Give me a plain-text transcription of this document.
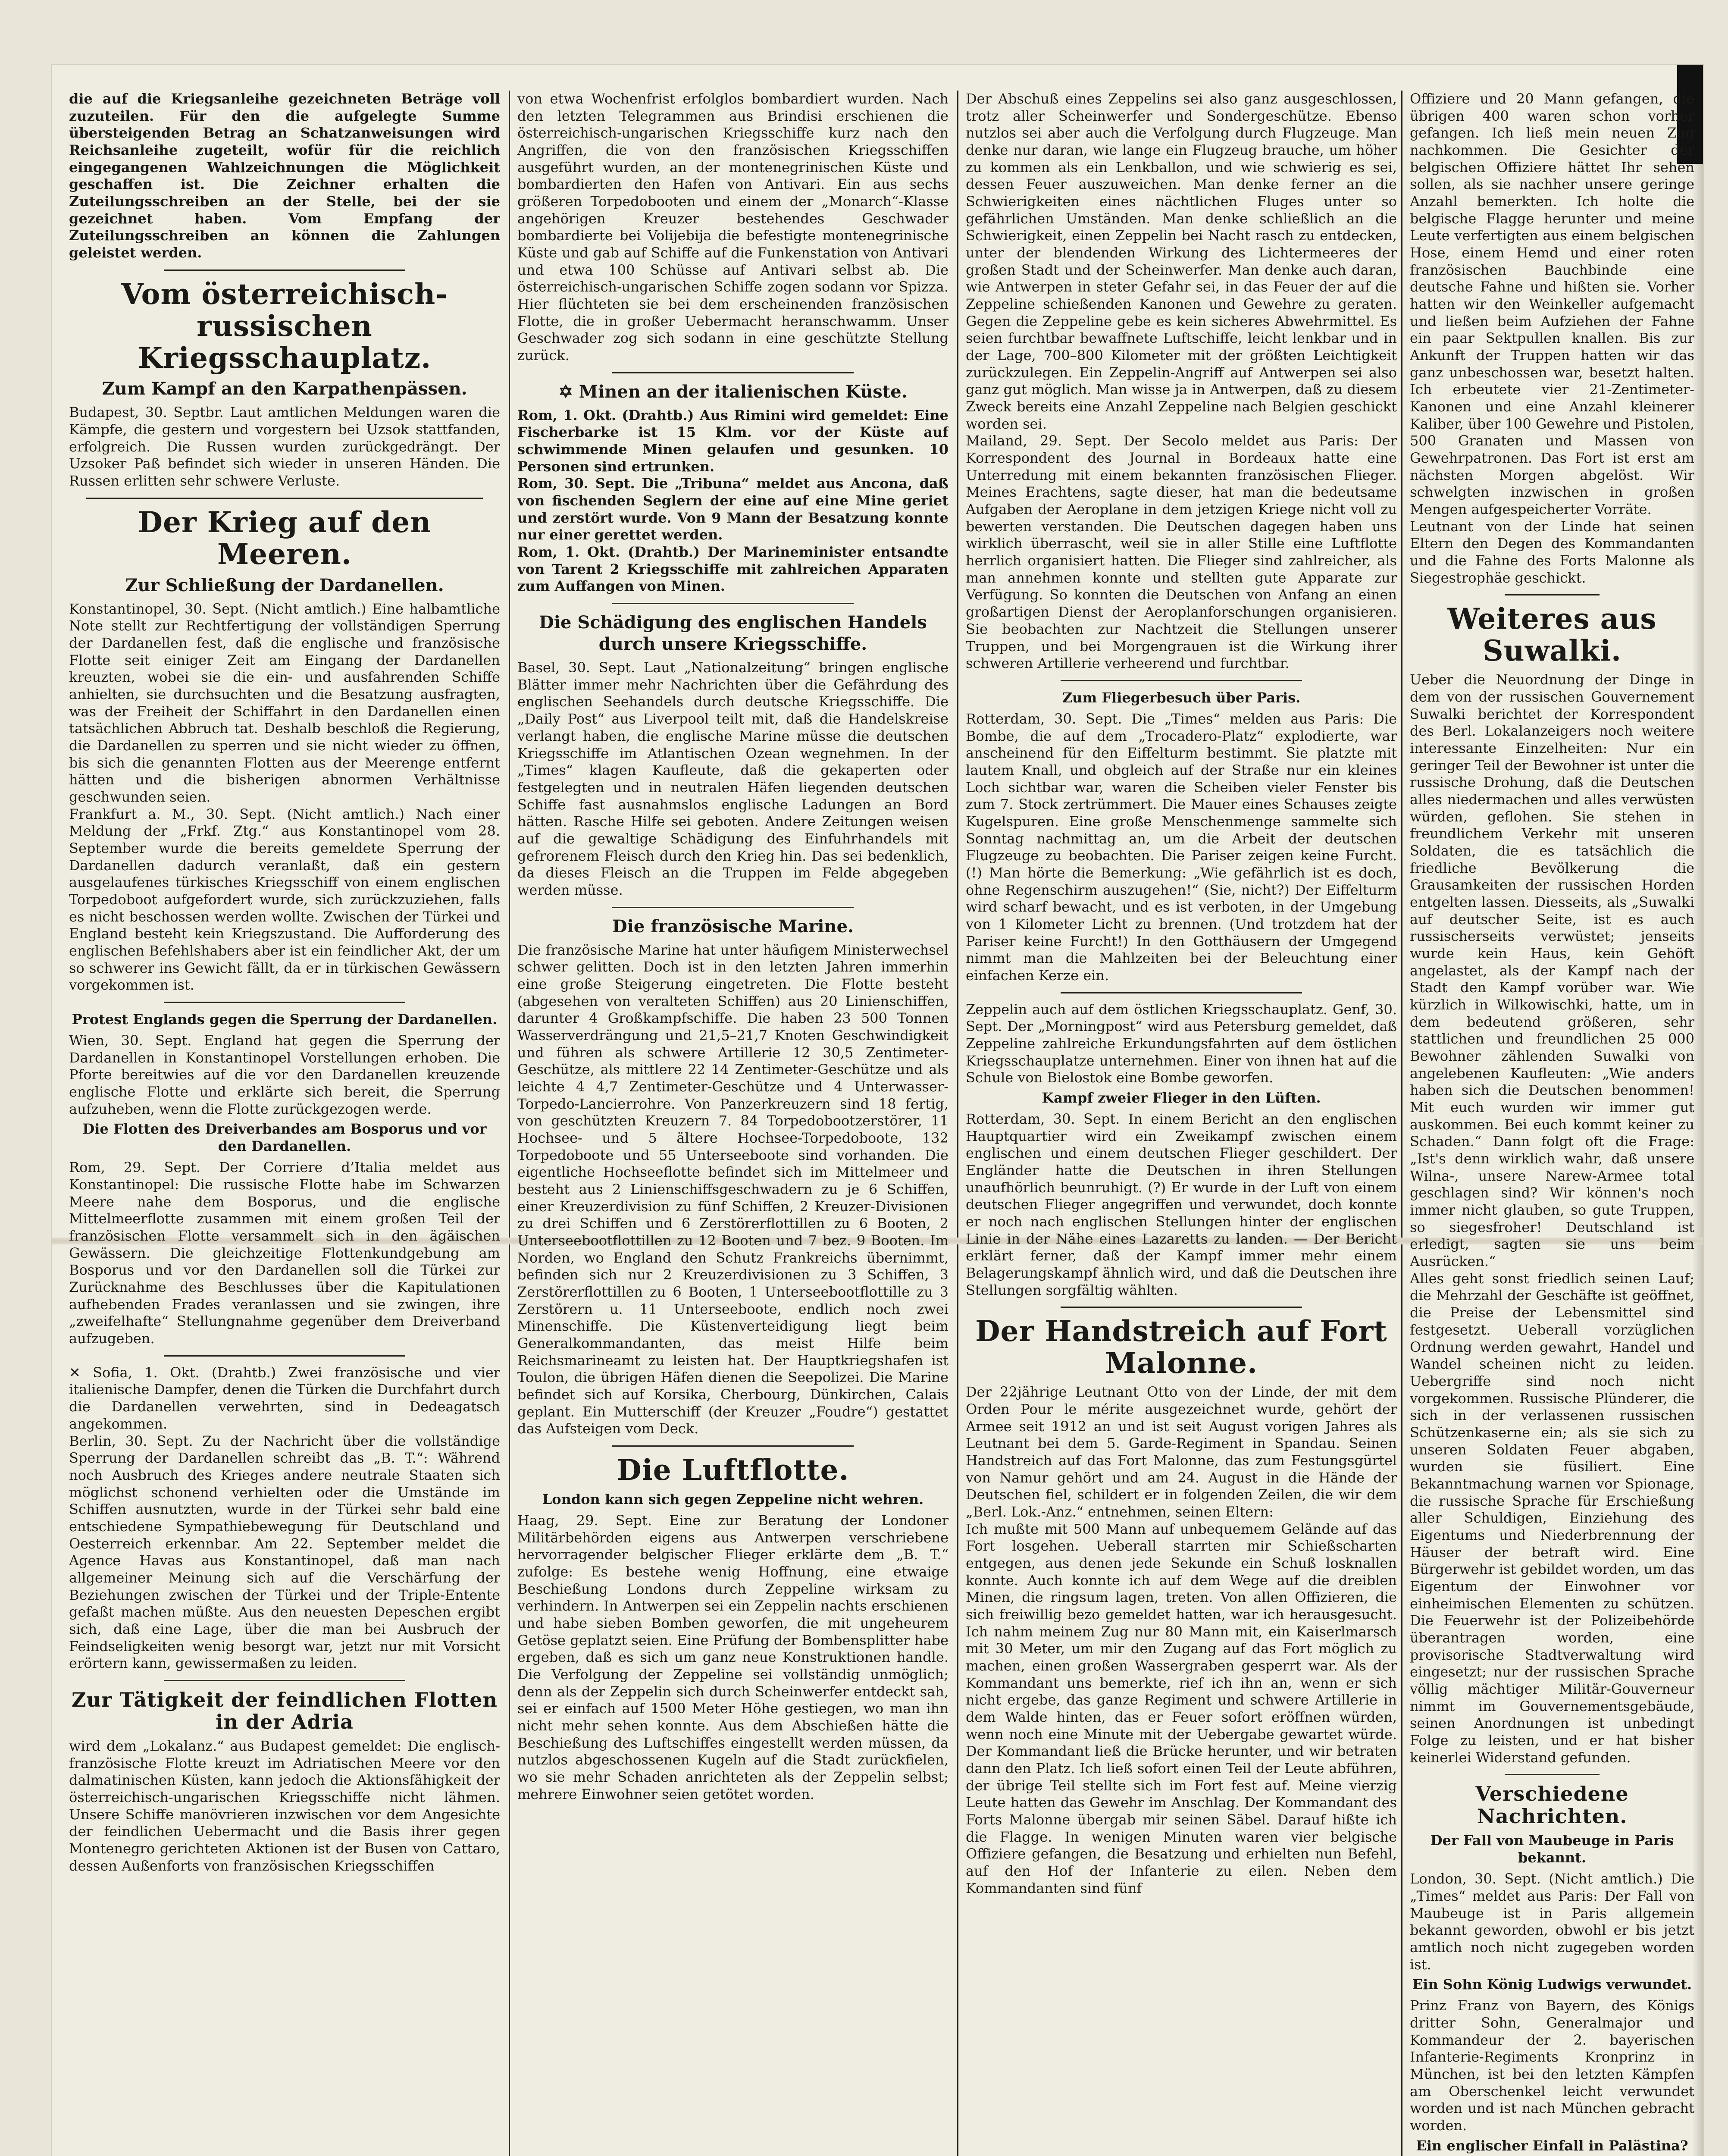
die auf die Kriegsanleihe gezeichneten Beträge voll zuzuteilen. Für den die aufgelegte Summe übersteigenden Betrag an Schatzanweisungen wird Reichsanleihe zugeteilt, wofür für die reichlich eingegangenen Wahlzeichnungen die Möglichkeit geschaffen ist. Die Zeichner erhalten die Zuteilungsschreiben an der Stelle, bei der sie gezeichnet haben. Vom Empfang der Zuteilungsschreiben an können die Zahlungen geleistet werden.

Vom österreichisch-russischen Kriegsschauplatz.
Zum Kampf an den Karpathenpässen.

Budapest, 30. Septbr. Laut amtlichen Meldungen waren die Kämpfe, die gestern und vorgestern bei Uzsok stattfanden, erfolgreich. Die Russen wurden zurückgedrängt. Der Uzsoker Paß befindet sich wieder in unseren Händen. Die Russen erlitten sehr schwere Verluste.

Der Krieg auf den Meeren.
Zur Schließung der Dardanellen.

Konstantinopel, 30. Sept. (Nicht amtlich.) Eine halbamtliche Note stellt zur Rechtfertigung der vollständigen Sperrung der Dardanellen fest, daß die englische und französische Flotte seit einiger Zeit am Eingang der Dardanellen kreuzten, wobei sie die ein- und ausfahrenden Schiffe anhielten, sie durchsuchten und die Besatzung ausfragten, was der Freiheit der Schiffahrt in den Dardanellen einen tatsächlichen Abbruch tat. Deshalb beschloß die Regierung, die Dardanellen zu sperren und sie nicht wieder zu öffnen, bis sich die genannten Flotten aus der Meerenge entfernt hätten und die bisherigen abnormen Verhältnisse geschwunden seien.

Frankfurt a. M., 30. Sept. (Nicht amtlich.) Nach einer Meldung der „Frkf. Ztg.“ aus Konstantinopel vom 28. September wurde die bereits gemeldete Sperrung der Dardanellen dadurch veranlaßt, daß ein gestern ausgelaufenes türkisches Kriegsschiff von einem englischen Torpedoboot aufgefordert wurde, sich zurückzuziehen, falls es nicht beschossen werden wollte. Zwischen der Türkei und England besteht kein Kriegszustand. Die Aufforderung des englischen Befehlshabers aber ist ein feindlicher Akt, der um so schwerer ins Gewicht fällt, da er in türkischen Gewässern vorgekommen ist.

Protest Englands gegen die Sperrung der Dardanellen.

Wien, 30. Sept. England hat gegen die Sperrung der Dardanellen in Konstantinopel Vorstellungen erhoben. Die Pforte bereitwies auf die vor den Dardanellen kreuzende englische Flotte und erklärte sich bereit, die Sperrung aufzuheben, wenn die Flotte zurückgezogen werde.

Die Flotten des Dreiverbandes am Bosporus und vor den Dardanellen.

Rom, 29. Sept. Der Corriere d’Italia meldet aus Konstantinopel: Die russische Flotte habe im Schwarzen Meere nahe dem Bosporus, und die englische Mittelmeerflotte zusammen mit einem großen Teil der französischen Flotte versammelt sich in den ägäischen Gewässern. Die gleichzeitige Flottenkundgebung am Bosporus und vor den Dardanellen soll die Türkei zur Zurücknahme des Beschlusses über die Kapitulationen aufhebenden Frades veranlassen und sie zwingen, ihre „zweifelhafte“ Stellungnahme gegenüber dem Dreiverband aufzugeben.

✕ Sofia, 1. Okt. (Drahtb.) Zwei französische und vier italienische Dampfer, denen die Türken die Durchfahrt durch die Dardanellen verwehrten, sind in Dedeagatsch angekommen.

Berlin, 30. Sept. Zu der Nachricht über die vollständige Sperrung der Dardanellen schreibt das „B. T.“: Während noch Ausbruch des Krieges andere neutrale Staaten sich möglichst schonend verhielten oder die Umstände im Schiffen ausnutzten, wurde in der Türkei sehr bald eine entschiedene Sympathiebewegung für Deutschland und Oesterreich erkennbar. Am 22. September meldet die Agence Havas aus Konstantinopel, daß man nach allgemeiner Meinung sich auf die Verschärfung der Beziehungen zwischen der Türkei und der Triple-Entente gefaßt machen müßte. Aus den neuesten Depeschen ergibt sich, daß eine Lage, über die man bei Ausbruch der Feindseligkeiten wenig besorgt war, jetzt nur mit Vorsicht erörtern kann, gewissermaßen zu leiden.

Zur Tätigkeit der feindlichen Flotten in der Adria

wird dem „Lokalanz.“ aus Budapest gemeldet: Die englisch-französische Flotte kreuzt im Adriatischen Meere vor den dalmatinischen Küsten, kann jedoch die Aktionsfähigkeit der österreichisch-ungarischen Kriegsschiffe nicht lähmen. Unsere Schiffe manövrieren inzwischen vor dem Angesichte der feindlichen Uebermacht und die Basis ihrer gegen Montenegro gerichteten Aktionen ist der Busen von Cattaro, dessen Außenforts von französischen Kriegsschiffen

von etwa Wochenfrist erfolglos bombardiert wurden. Nach den letzten Telegrammen aus Brindisi erschienen die österreichisch-ungarischen Kriegsschiffe kurz nach den Angriffen, die von den französischen Kriegsschiffen ausgeführt wurden, an der montenegrinischen Küste und bombardierten den Hafen von Antivari. Ein aus sechs größeren Torpedobooten und einem der „Monarch“-Klasse angehörigen Kreuzer bestehendes Geschwader bombardierte bei Volijebija die befestigte montenegrinische Küste und gab auf Schiffe auf die Funkenstation von Antivari und etwa 100 Schüsse auf Antivari selbst ab. Die österreichisch-ungarischen Schiffe zogen sodann vor Spizza. Hier flüchteten sie bei dem erscheinenden französischen Flotte, die in großer Uebermacht heranschwamm. Unser Geschwader zog sich sodann in eine geschützte Stellung zurück.

✡ Minen an der italienischen Küste.

Rom, 1. Okt. (Drahtb.) Aus Rimini wird gemeldet: Eine Fischerbarke ist 15 Klm. vor der Küste auf schwimmende Minen gelaufen und gesunken. 10 Personen sind ertrunken.

Rom, 30. Sept. Die „Tribuna“ meldet aus Ancona, daß von fischenden Seglern der eine auf eine Mine geriet und zerstört wurde. Von 9 Mann der Besatzung konnte nur einer gerettet werden.

Rom, 1. Okt. (Drahtb.) Der Marineminister entsandte von Tarent 2 Kriegsschiffe mit zahlreichen Apparaten zum Auffangen von Minen.

Die Schädigung des englischen Handels durch unsere Kriegsschiffe.

Basel, 30. Sept. Laut „Nationalzeitung“ bringen englische Blätter immer mehr Nachrichten über die Gefährdung des englischen Seehandels durch deutsche Kriegsschiffe. Die „Daily Post“ aus Liverpool teilt mit, daß die Handelskreise verlangt haben, die englische Marine müsse die deutschen Kriegsschiffe im Atlantischen Ozean wegnehmen. In der „Times“ klagen Kaufleute, daß die gekaperten oder festgelegten und in neutralen Häfen liegenden deutschen Schiffe fast ausnahmslos englische Ladungen an Bord hätten. Rasche Hilfe sei geboten. Andere Zeitungen weisen auf die gewaltige Schädigung des Einfuhrhandels mit gefrorenem Fleisch durch den Krieg hin. Das sei bedenklich, da dieses Fleisch an die Truppen im Felde abgegeben werden müsse.

Die französische Marine.

Die französische Marine hat unter häufigem Ministerwechsel schwer gelitten. Doch ist in den letzten Jahren immerhin eine große Steigerung eingetreten. Die Flotte besteht (abgesehen von veralteten Schiffen) aus 20 Linienschiffen, darunter 4 Großkampfschiffe. Die haben 23 500 Tonnen Wasserverdrängung und 21,5–21,7 Knoten Geschwindigkeit und führen als schwere Artillerie 12 30,5 Zentimeter-Geschütze, als mittlere 22 14 Zentimeter-Geschütze und als leichte 4 4,7 Zentimeter-Geschütze und 4 Unterwasser-Torpedo-Lancierrohre. Von Panzerkreuzern sind 18 fertig, von geschützten Kreuzern 7. 84 Torpedobootzerstörer, 11 Hochsee- und 5 ältere Hochsee-Torpedoboote, 132 Torpedoboote und 55 Unterseeboote sind vorhanden. Die eigentliche Hochseeflotte befindet sich im Mittelmeer und besteht aus 2 Linienschiffsgeschwadern zu je 6 Schiffen, einer Kreuzerdivision zu fünf Schiffen, 2 Kreuzer-Divisionen zu drei Schiffen und 6 Zerstörerflottillen zu 6 Booten, 2 Unterseebootflottillen zu 12 Booten und 7 bez. 9 Booten. Im Norden, wo England den Schutz Frankreichs übernimmt, befinden sich nur 2 Kreuzerdivisionen zu 3 Schiffen, 3 Zerstörerflottillen zu 6 Booten, 1 Unterseebootflottille zu 3 Zerstörern u. 11 Unterseeboote, endlich noch zwei Minenschiffe. Die Küstenverteidigung liegt beim Generalkommandanten, das meist Hilfe beim Reichsmarineamt zu leisten hat. Der Hauptkriegshafen ist Toulon, die übrigen Häfen dienen die Seepolizei. Die Marine befindet sich auf Korsika, Cherbourg, Dünkirchen, Calais geplant. Ein Mutterschiff (der Kreuzer „Foudre“) gestattet das Aufsteigen vom Deck.

Die Luftflotte.
London kann sich gegen Zeppeline nicht wehren.

Haag, 29. Sept. Eine zur Beratung der Londoner Militärbehörden eigens aus Antwerpen verschriebene hervorragender belgischer Flieger erklärte dem „B. T.“ zufolge: Es bestehe wenig Hoffnung, eine etwaige Beschießung Londons durch Zeppeline wirksam zu verhindern. In Antwerpen sei ein Zeppelin nachts erschienen und habe sieben Bomben geworfen, die mit ungeheurem Getöse geplatzt seien. Eine Prüfung der Bombensplitter habe ergeben, daß es sich um ganz neue Konstruktionen handle. Die Verfolgung der Zeppeline sei vollständig unmöglich; denn als der Zeppelin sich durch Scheinwerfer entdeckt sah, sei er einfach auf 1500 Meter Höhe gestiegen, wo man ihn nicht mehr sehen konnte. Aus dem Abschießen hätte die Beschießung des Luftschiffes eingestellt werden müssen, da nutzlos abgeschossenen Kugeln auf die Stadt zurückfielen, wo sie mehr Schaden anrichteten als der Zeppelin selbst; mehrere Einwohner seien getötet worden.

Der Abschuß eines Zeppelins sei also ganz ausgeschlossen, trotz aller Scheinwerfer und Sondergeschütze. Ebenso nutzlos sei aber auch die Verfolgung durch Flugzeuge. Man denke nur daran, wie lange ein Flugzeug brauche, um höher zu kommen als ein Lenkballon, und wie schwierig es sei, dessen Feuer auszuweichen. Man denke ferner an die Schwierigkeiten eines nächtlichen Fluges unter so gefährlichen Umständen. Man denke schließlich an die Schwierigkeit, einen Zeppelin bei Nacht rasch zu entdecken, unter der blendenden Wirkung des Lichtermeeres der großen Stadt und der Scheinwerfer. Man denke auch daran, wie Antwerpen in steter Gefahr sei, in das Feuer der auf die Zeppeline schießenden Kanonen und Gewehre zu geraten. Gegen die Zeppeline gebe es kein sicheres Abwehrmittel. Es seien furchtbar bewaffnete Luftschiffe, leicht lenkbar und in der Lage, 700–800 Kilometer mit der größten Leichtigkeit zurückzulegen. Ein Zeppelin-Angriff auf Antwerpen sei also ganz gut möglich. Man wisse ja in Antwerpen, daß zu diesem Zweck bereits eine Anzahl Zeppeline nach Belgien geschickt worden sei.

Mailand, 29. Sept. Der Secolo meldet aus Paris: Der Korrespondent des Journal in Bordeaux hatte eine Unterredung mit einem bekannten französischen Flieger. Meines Erachtens, sagte dieser, hat man die bedeutsame Aufgaben der Aeroplane in dem jetzigen Kriege nicht voll zu bewerten verstanden. Die Deutschen dagegen haben uns wirklich überrascht, weil sie in aller Stille eine Luftflotte herrlich organisiert hatten. Die Flieger sind zahlreicher, als man annehmen konnte und stellten gute Apparate zur Verfügung. So konnten die Deutschen von Anfang an einen großartigen Dienst der Aeroplanforschungen organisieren. Sie beobachten zur Nachtzeit die Stellungen unserer Truppen, und bei Morgengrauen ist die Wirkung ihrer schweren Artillerie verheerend und furchtbar.

Zum Fliegerbesuch über Paris.

Rotterdam, 30. Sept. Die „Times“ melden aus Paris: Die Bombe, die auf dem „Trocadero-Platz“ explodierte, war anscheinend für den Eiffelturm bestimmt. Sie platzte mit lautem Knall, und obgleich auf der Straße nur ein kleines Loch sichtbar war, waren die Scheiben vieler Fenster bis zum 7. Stock zertrümmert. Die Mauer eines Schauses zeigte Kugelspuren. Eine große Menschenmenge sammelte sich Sonntag nachmittag an, um die Arbeit der deutschen Flugzeuge zu beobachten. Die Pariser zeigen keine Furcht. (!) Man hörte die Bemerkung: „Wie gefährlich ist es doch, ohne Regenschirm auszugehen!“ (Sie, nicht?) Der Eiffelturm wird scharf bewacht, und es ist verboten, in der Umgebung von 1 Kilometer Licht zu brennen. (Und trotzdem hat der Pariser keine Furcht!) In den Gotthäusern der Umgegend nimmt man die Mahlzeiten bei der Beleuchtung einer einfachen Kerze ein.

Zeppelin auch auf dem östlichen Kriegsschauplatz. Genf, 30. Sept. Der „Morningpost“ wird aus Petersburg gemeldet, daß Zeppeline zahlreiche Erkundungsfahrten auf dem östlichen Kriegsschauplatze unternehmen. Einer von ihnen hat auf die Schule von Bielostok eine Bombe geworfen.

Kampf zweier Flieger in den Lüften.

Rotterdam, 30. Sept. In einem Bericht an den englischen Hauptquartier wird ein Zweikampf zwischen einem englischen und einem deutschen Flieger geschildert. Der Engländer hatte die Deutschen in ihren Stellungen unaufhörlich beunruhigt. (?) Er wurde in der Luft von einem deutschen Flieger angegriffen und verwundet, doch konnte er noch nach englischen Stellungen hinter der englischen Linie in der Nähe eines Lazaretts zu landen. — Der Bericht erklärt ferner, daß der Kampf immer mehr einem Belagerungskampf ähnlich wird, und daß die Deutschen ihre Stellungen sorgfältig wählten.

Der Handstreich auf Fort Malonne.

Der 22jährige Leutnant Otto von der Linde, der mit dem Orden Pour le mérite ausgezeichnet wurde, gehört der Armee seit 1912 an und ist seit August vorigen Jahres als Leutnant bei dem 5. Garde-Regiment in Spandau. Seinen Handstreich auf das Fort Malonne, das zum Festungsgürtel von Namur gehört und am 24. August in die Hände der Deutschen fiel, schildert er in folgenden Zeilen, die wir dem „Berl. Lok.-Anz.“ entnehmen, seinen Eltern:

Ich mußte mit 500 Mann auf unbequemem Gelände auf das Fort losgehen. Ueberall starrten mir Schießscharten entgegen, aus denen jede Sekunde ein Schuß losknallen konnte. Auch konnte ich auf dem Wege auf die dreiblen Minen, die ringsum lagen, treten. Von allen Offizieren, die sich freiwillig bezo gemeldet hatten, war ich herausgesucht. Ich nahm meinem Zug nur 80 Mann mit, ein Kaiserlmarsch mit 30 Meter, um mir den Zugang auf das Fort möglich zu machen, einen großen Wassergraben gesperrt war. Als der Kommandant uns bemerkte, rief ich ihn an, wenn er sich nicht ergebe, das ganze Regiment und schwere Artillerie in dem Walde hinten, das er Feuer sofort eröffnen würden, wenn noch eine Minute mit der Uebergabe gewartet würde. Der Kommandant ließ die Brücke herunter, und wir betraten dann den Platz. Ich ließ sofort einen Teil der Leute abführen, der übrige Teil stellte sich im Fort fest auf. Meine vierzig Leute hatten das Gewehr im Anschlag. Der Kommandant des Forts Malonne übergab mir seinen Säbel. Darauf hißte ich die Flagge. In wenigen Minuten waren vier belgische Offiziere gefangen, die Besatzung und erhielten nun Befehl, auf den Hof der Infanterie zu eilen. Neben dem Kommandanten sind fünf

Offiziere und 20 Mann gefangen, die übrigen 400 waren schon vorher gefangen. Ich ließ mein neuen Zug nachkommen. Die Gesichter der belgischen Offiziere hättet Ihr sehen sollen, als sie nachher unsere geringe Anzahl bemerkten. Ich holte die belgische Flagge herunter und meine Leute verfertigten aus einem belgischen Hose, einem Hemd und einer roten französischen Bauchbinde eine deutsche Fahne und hißten sie. Vorher hatten wir den Weinkeller aufgemacht und ließen beim Aufziehen der Fahne ein paar Sektpullen knallen. Bis zur Ankunft der Truppen hatten wir das ganz unbeschossen war, besetzt halten. Ich erbeutete vier 21-Zentimeter-Kanonen und eine Anzahl kleinerer Kaliber, über 100 Gewehre und Pistolen, 500 Granaten und Massen von Gewehrpatronen. Das Fort ist erst am nächsten Morgen abgelöst. Wir schwelgten inzwischen in großen Mengen aufgespeicherter Vorräte.

Leutnant von der Linde hat seinen Eltern den Degen des Kommandanten und die Fahne des Forts Malonne als Siegestrophäe geschickt.

Weiteres aus Suwalki.

Ueber die Neuordnung der Dinge in dem von der russischen Gouvernement Suwalki berichtet der Korrespondent des Berl. Lokalanzeigers noch weitere interessante Einzelheiten: Nur ein geringer Teil der Bewohner ist unter die russische Drohung, daß die Deutschen alles niedermachen und alles verwüsten würden, geflohen. Sie stehen in freundlichem Verkehr mit unseren Soldaten, die es tatsächlich die friedliche Bevölkerung die Grausamkeiten der russischen Horden entgelten lassen. Diesseits, als „Suwalki auf deutscher Seite, ist es auch russischerseits verwüstet; jenseits wurde kein Haus, kein Gehöft angelastet, als der Kampf nach der Stadt den Kampf vorüber war. Wie kürzlich in Wilkowischki, hatte, um in dem bedeutend größeren, sehr stattlichen und freundlichen 25 000 Bewohner zählenden Suwalki von angelebenen Kaufleuten: „Wie anders haben sich die Deutschen benommen! Mit euch wurden wir immer gut auskommen. Bei euch kommt keiner zu Schaden.“ Dann folgt oft die Frage: „Ist's denn wirklich wahr, daß unsere Wilna-, unsere Narew-Armee total geschlagen sind? Wir können's noch immer nicht glauben, so gute Truppen, so siegesfroher! Deutschland ist erledigt, sagten sie uns beim Ausrücken.“

Alles geht sonst friedlich seinen Lauf; die Mehrzahl der Geschäfte ist geöffnet, die Preise der Lebensmittel sind festgesetzt. Ueberall vorzüglichen Ordnung werden gewahrt, Handel und Wandel scheinen nicht zu leiden. Uebergriffe sind noch nicht vorgekommen. Russische Plünderer, die sich in der verlassenen russischen Schützenkaserne ein; als sie sich zu unseren Soldaten Feuer abgaben, wurden sie füsiliert. Eine Bekanntmachung warnen vor Spionage, die russische Sprache für Erschießung aller Schuldigen, Einziehung des Eigentums und Niederbrennung der Häuser der betraft wird. Eine Bürgerwehr ist gebildet worden, um das Eigentum der Einwohner vor einheimischen Elementen zu schützen. Die Feuerwehr ist der Polizeibehörde überantragen worden, eine provisorische Stadtverwaltung wird eingesetzt; nur der russischen Sprache völlig mächtiger Militär-Gouverneur nimmt im Gouvernementsgebäude, seinen Anordnungen ist unbedingt Folge zu leisten, und er hat bisher keinerlei Widerstand gefunden.

Verschiedene Nachrichten.
Der Fall von Maubeuge in Paris bekannt.

London, 30. Sept. (Nicht amtlich.) Die „Times“ meldet aus Paris: Der Fall von Maubeuge ist in Paris allgemein bekannt geworden, obwohl er bis jetzt amtlich noch nicht zugegeben worden ist.

Ein Sohn König Ludwigs verwundet.

Prinz Franz von Bayern, des Königs dritter Sohn, Generalmajor und Kommandeur der 2. bayerischen Infanterie-Regiments Kronprinz in München, ist bei den letzten Kämpfen am Oberschenkel leicht verwundet worden und ist nach München gebracht worden.

Ein englischer Einfall in Palästina?
